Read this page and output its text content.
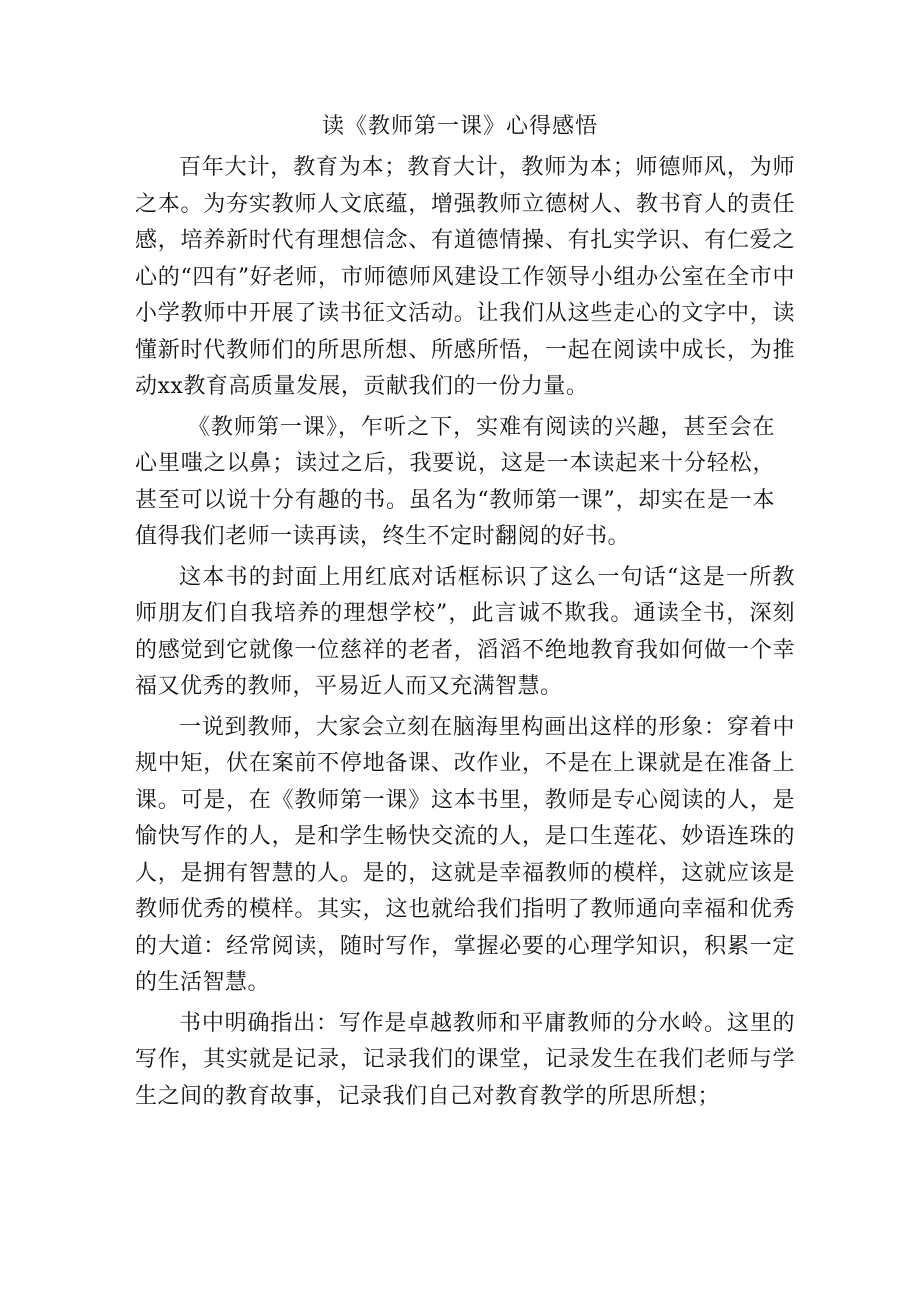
读《教师第一课》心得感悟

百年大计，教育为本；教育大计，教师为本；师德师风，为师之本。为夯实教师人文底蕴，增强教师立德树人、教书育人的责任感，培养新时代有理想信念、有道德情操、有扎实学识、有仁爱之心的“四有”好老师，市师德师风建设工作领导小组办公室在全市中小学教师中开展了读书征文活动。让我们从这些走心的文字中，读懂新时代教师们的所思所想、所感所悟，一起在阅读中成长，为推动xx教育高质量发展，贡献我们的一份力量。

《教师第一课》，乍听之下，实难有阅读的兴趣，甚至会在心里嗤之以鼻；读过之后，我要说，这是一本读起来十分轻松，甚至可以说十分有趣的书。虽名为“教师第一课”，却实在是一本值得我们老师一读再读，终生不定时翻阅的好书。

这本书的封面上用红底对话框标识了这么一句话“这是一所教师朋友们自我培养的理想学校”，此言诚不欺我。通读全书，深刻的感觉到它就像一位慈祥的老者，滔滔不绝地教育我如何做一个幸福又优秀的教师，平易近人而又充满智慧。

一说到教师，大家会立刻在脑海里构画出这样的形象：穿着中规中矩，伏在案前不停地备课、改作业，不是在上课就是在准备上课。可是，在《教师第一课》这本书里，教师是专心阅读的人，是愉快写作的人，是和学生畅快交流的人，是口生莲花、妙语连珠的人，是拥有智慧的人。是的，这就是幸福教师的模样，这就应该是教师优秀的模样。其实，这也就给我们指明了教师通向幸福和优秀的大道：经常阅读，随时写作，掌握必要的心理学知识，积累一定的生活智慧。

书中明确指出：写作是卓越教师和平庸教师的分水岭。这里的写作，其实就是记录，记录我们的课堂，记录发生在我们老师与学生之间的教育故事，记录我们自己对教育教学的所思所想；
